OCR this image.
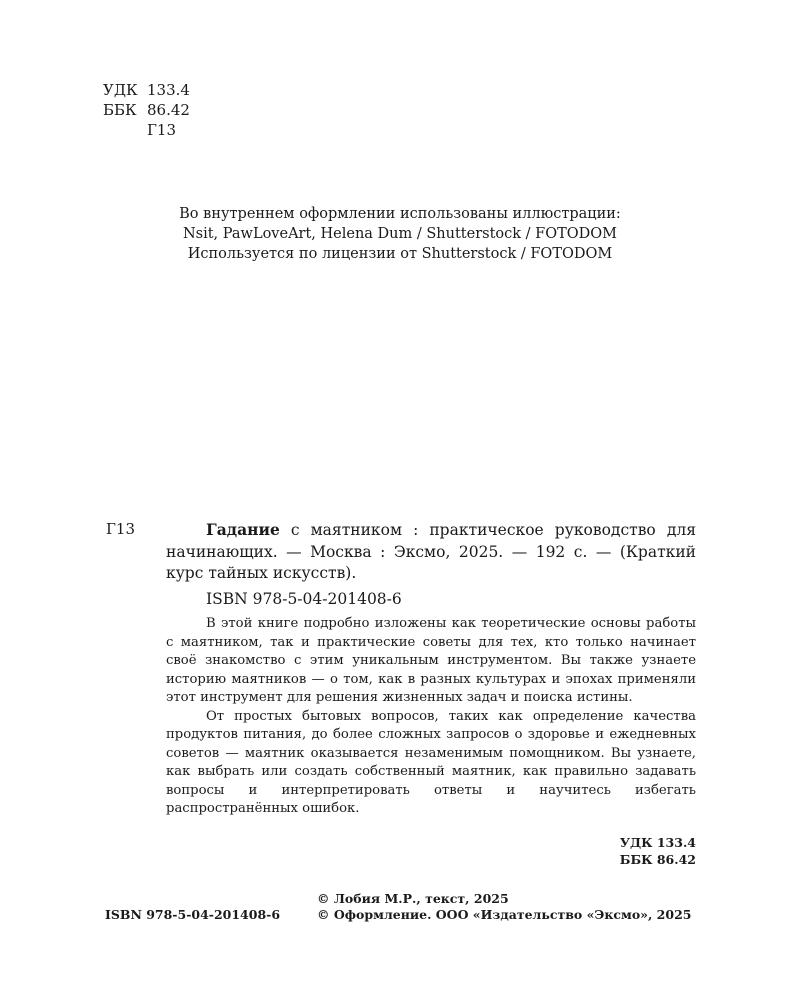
УДК 133.4
ББК 86.42
Г13
Во внутреннем оформлении использованы иллюстрации:
Nsit, PawLoveArt, Helena Dum / Shutterstock / FOTODOM
Используется по лицензии от Shutterstock / FOTODOM
Г13	Гадание с маятником : практическое руководство для начинающих. — Москва : Эксмо, 2025. — 192 с. — (Краткий курс тайных искусств).
ISBN 978-5-04-201408-6

В этой книге подробно изложены как теоретические основы работы с маятником, так и практические советы для тех, кто только начинает своё знакомство с этим уникальным инструментом. Вы также узнаете историю маятников — о том, как в разных культурах и эпохах применяли этот инструмент для решения жизненных задач и поиска истины.

От простых бытовых вопросов, таких как определение качества продуктов питания, до более сложных запросов о здоровье и ежедневных советов — маятник оказывается незаменимым помощником. Вы узнаете, как выбрать или создать собственный маятник, как правильно задавать вопросы и интерпретировать ответы и научитесь избегать распространённых ошибок.

УДК 133.4
ББК 86.42
ISBN 978-5-04-201408-6
© Лобия М.Р., текст, 2025
© Оформление. ООО «Издательство «Эксмо», 2025
